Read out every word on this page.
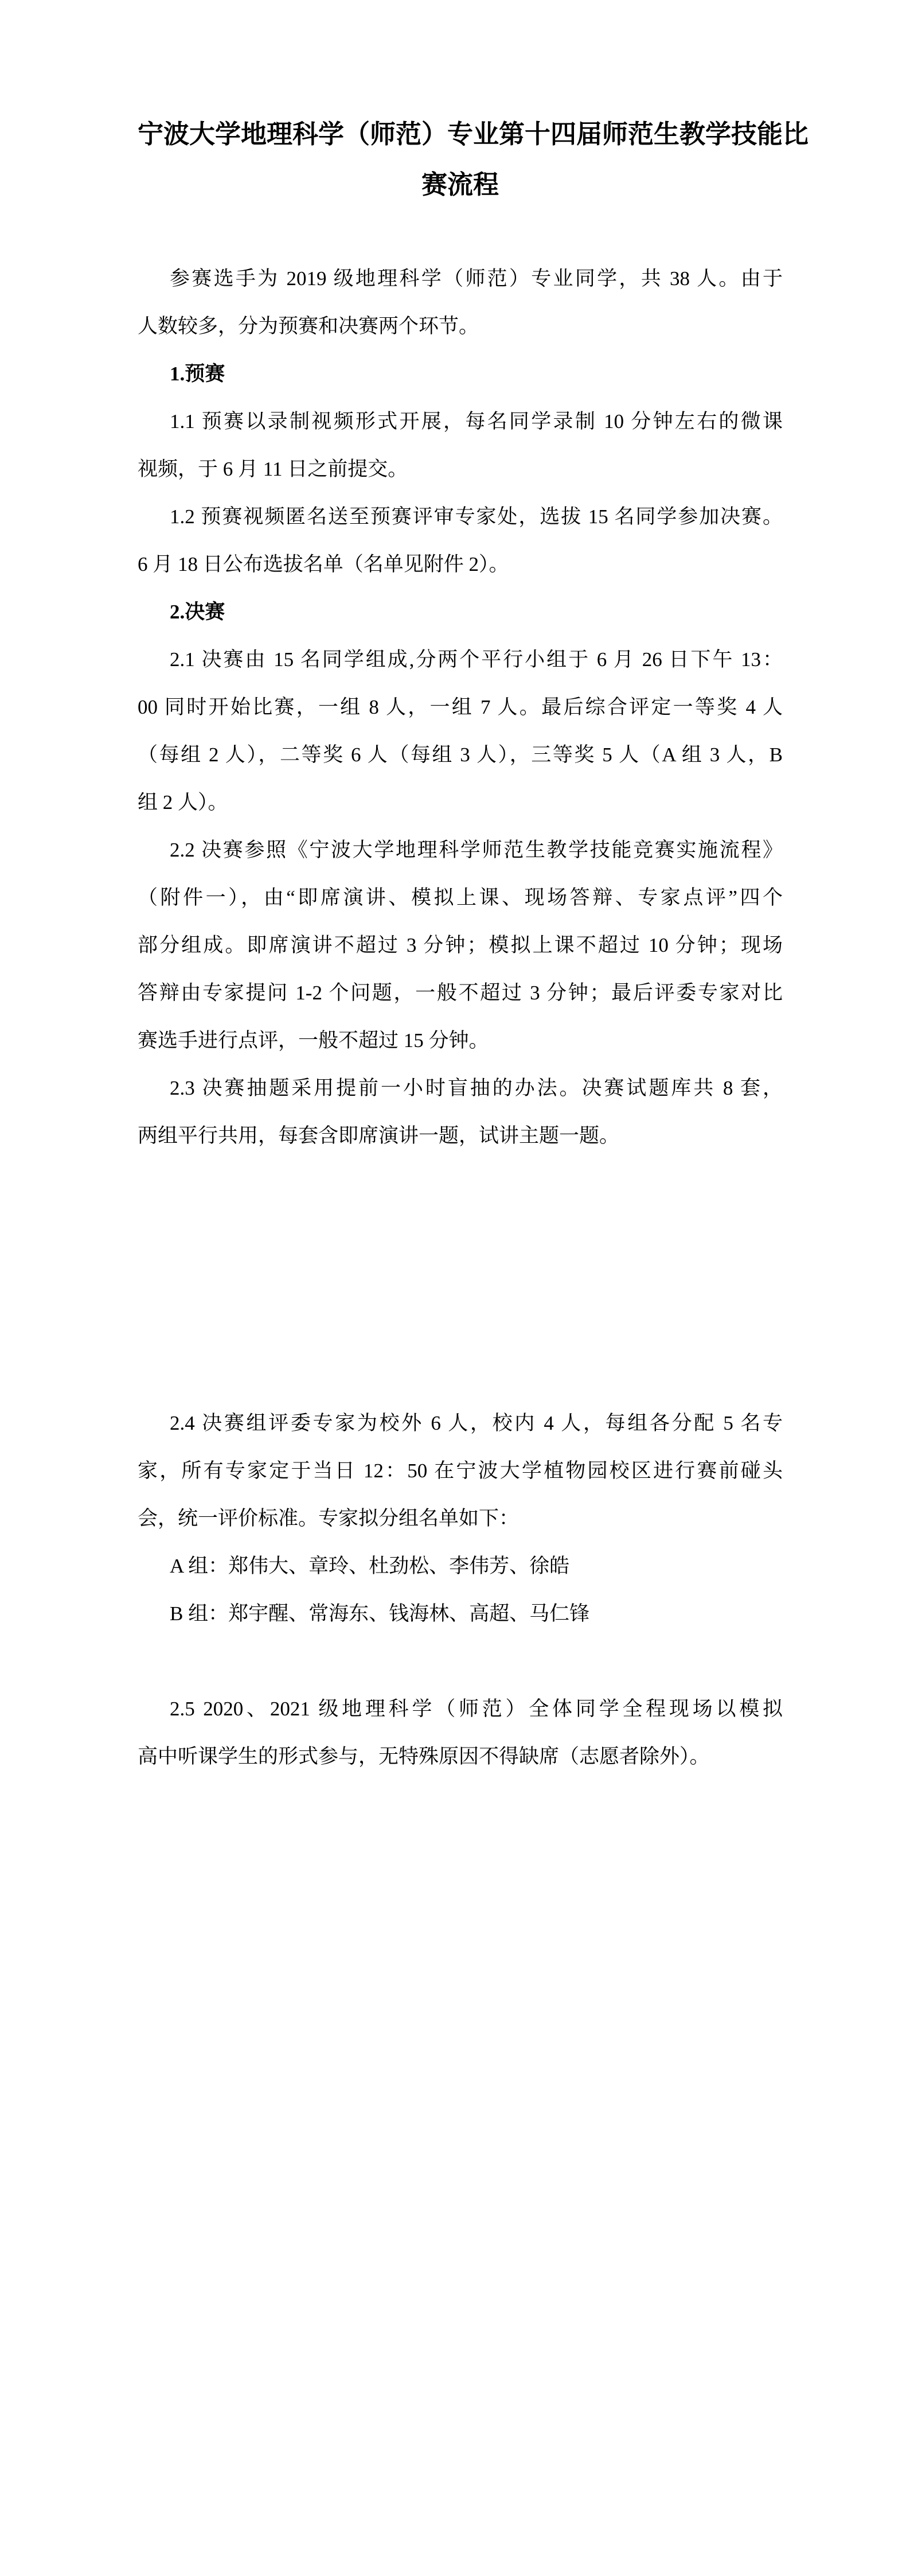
宁波大学地理科学（师范）专业第十四届师范生教学技能比
赛流程
参赛选手为 2019 级地理科学（师范）专业同学，共 38 人。由于
人数较多，分为预赛和决赛两个环节。
1.预赛
1.1 预赛以录制视频形式开展，每名同学录制 10 分钟左右的微课
视频，于 6 月 11 日之前提交。
1.2 预赛视频匿名送至预赛评审专家处，选拔 15 名同学参加决赛。
6 月 18 日公布选拔名单（名单见附件 2）。
2.决赛
2.1 决赛由 15 名同学组成,分两个平行小组于 6 月 26 日下午 13：
00 同时开始比赛，一组 8 人，一组 7 人。最后综合评定一等奖 4 人
（每组 2 人），二等奖 6 人（每组 3 人），三等奖 5 人（A 组 3 人，B
组 2 人）。
2.2 决赛参照《宁波大学地理科学师范生教学技能竞赛实施流程》
（附件一），由“即席演讲、模拟上课、现场答辩、专家点评”四个
部分组成。即席演讲不超过 3 分钟；模拟上课不超过 10 分钟；现场
答辩由专家提问 1-2 个问题，一般不超过 3 分钟；最后评委专家对比
赛选手进行点评，一般不超过 15 分钟。
2.3 决赛抽题采用提前一小时盲抽的办法。决赛试题库共 8 套，
两组平行共用，每套含即席演讲一题，试讲主题一题。
2.4 决赛组评委专家为校外 6 人，校内 4 人，每组各分配 5 名专
家，所有专家定于当日 12：50 在宁波大学植物园校区进行赛前碰头
会，统一评价标准。专家拟分组名单如下：
A 组：郑伟大、章玲、杜劲松、李伟芳、徐皓
B 组：郑宇醒、常海东、钱海林、高超、马仁锋
2.5 2020、2021 级地理科学（师范）全体同学全程现场以模拟
高中听课学生的形式参与，无特殊原因不得缺席（志愿者除外）。
